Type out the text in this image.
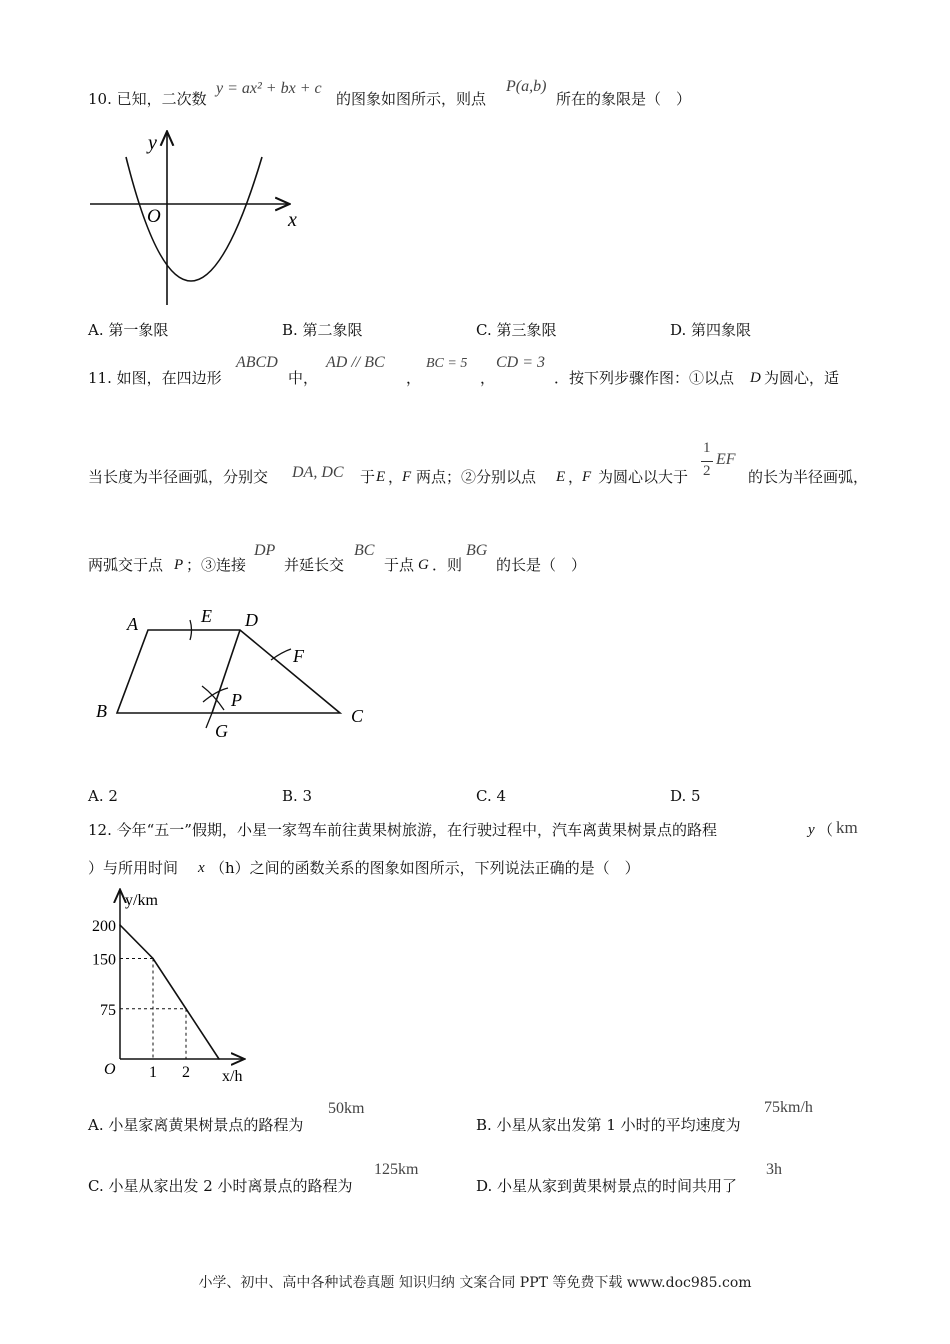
10. 已知，二次数
y = ax² + bx + c
的图象如图所示，则点
P(a,b)
所在的象限是（　）
y
x
O
A. 第一象限	B. 第二象限	C. 第三象限	D. 第四象限
11. 如图，在四边形
ABCD
中，
AD // BC
，
BC = 5
，
CD = 3
．按下列步骤作图：①以点 D 为圆心，适
当长度为半径画弧，分别交 DA, DC 于 E ，
F 两点；②分别以点 E ，
F 为圆心以大于
1
2
EF
的长为半径画弧，
两弧交于点 P ；③连接
DP
并延长交
BC
于点 G ．则
BG
的长是（　）
A	E D
F
P
B	C
G
A. 2	B. 3	C. 4	D. 5
12. 今年“五一”假期，小星一家驾车前往黄果树旅游，在行驶过程中，汽车离黄果树景点的路程	y （ km
）与所用时间 x （h）之间的函数关系的图象如图所示，下列说法正确的是（　）
y/km
x/h
O
200
150
75
1 2
A. 小星家离黄果树景点的路程为
50km
B. 小星从家出发第 1 小时的平均速度为
75km/h
C. 小星从家出发 2 小时离景点的路程为
125km
D. 小星从家到黄果树景点的时间共用了
3h
小学、初中、高中各种试卷真题 知识归纳 文案合同 PPT 等免费下载 www.doc985.com
